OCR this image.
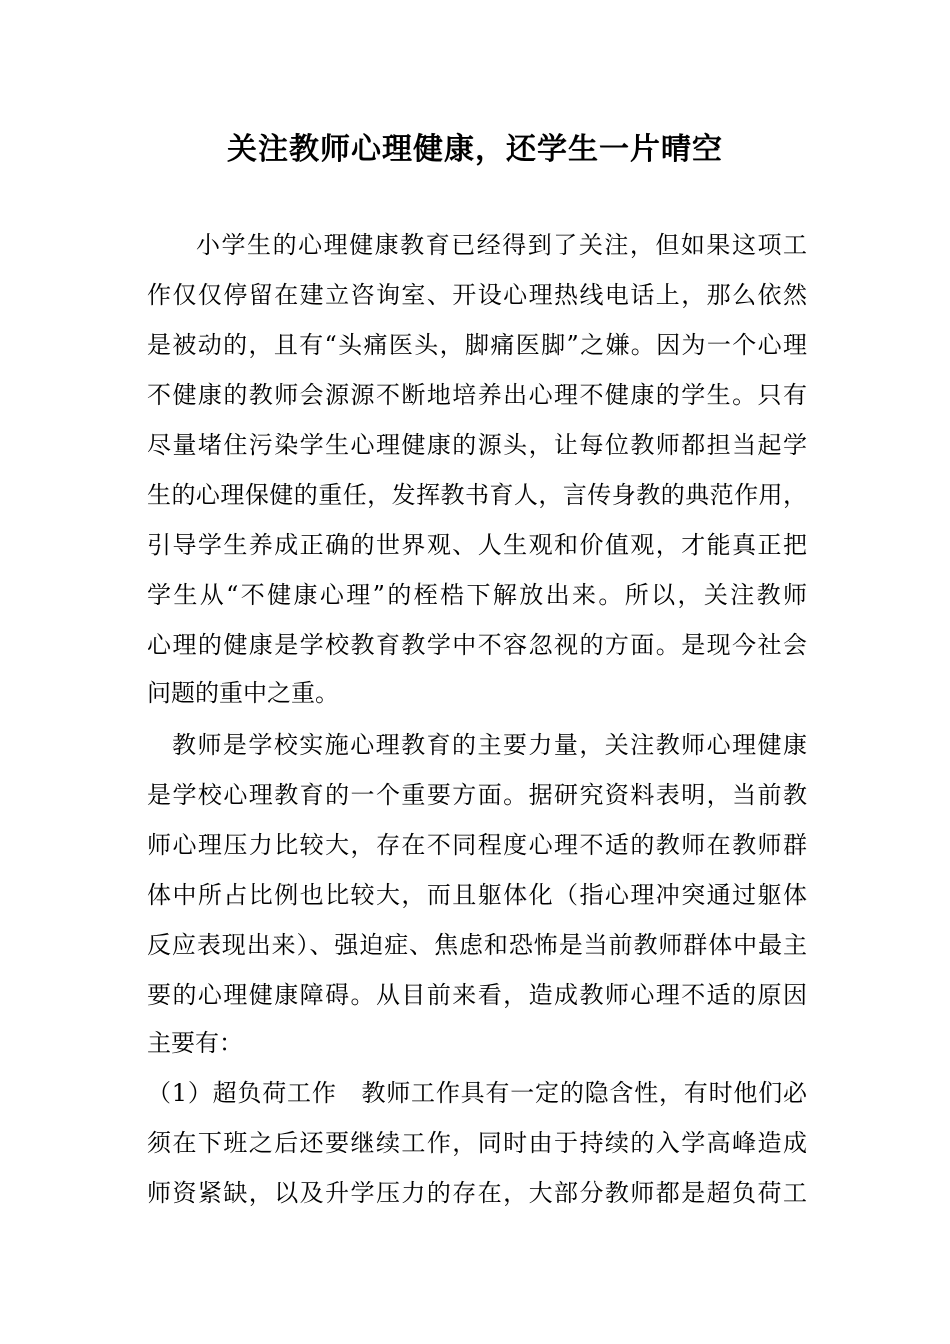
关注教师心理健康，还学生一片晴空
小学生的心理健康教育已经得到了关注，但如果这项工
作仅仅停留在建立咨询室、开设心理热线电话上，那么依然
是被动的，且有“头痛医头，脚痛医脚”之嫌。因为一个心理
不健康的教师会源源不断地培养出心理不健康的学生。只有
尽量堵住污染学生心理健康的源头，让每位教师都担当起学
生的心理保健的重任，发挥教书育人，言传身教的典范作用，
引导学生养成正确的世界观、人生观和价值观，才能真正把
学生从“不健康心理”的桎梏下解放出来。所以，关注教师
心理的健康是学校教育教学中不容忽视的方面。是现今社会
问题的重中之重。
教师是学校实施心理教育的主要力量，关注教师心理健康
是学校心理教育的一个重要方面。据研究资料表明，当前教
师心理压力比较大，存在不同程度心理不适的教师在教师群
体中所占比例也比较大，而且躯体化（指心理冲突通过躯体
反应表现出来）、强迫症、焦虑和恐怖是当前教师群体中最主
要的心理健康障碍。从目前来看，造成教师心理不适的原因
主要有：
（1）超负荷工作　教师工作具有一定的隐含性，有时他们必
须在下班之后还要继续工作，同时由于持续的入学高峰造成
师资紧缺，以及升学压力的存在，大部分教师都是超负荷工
